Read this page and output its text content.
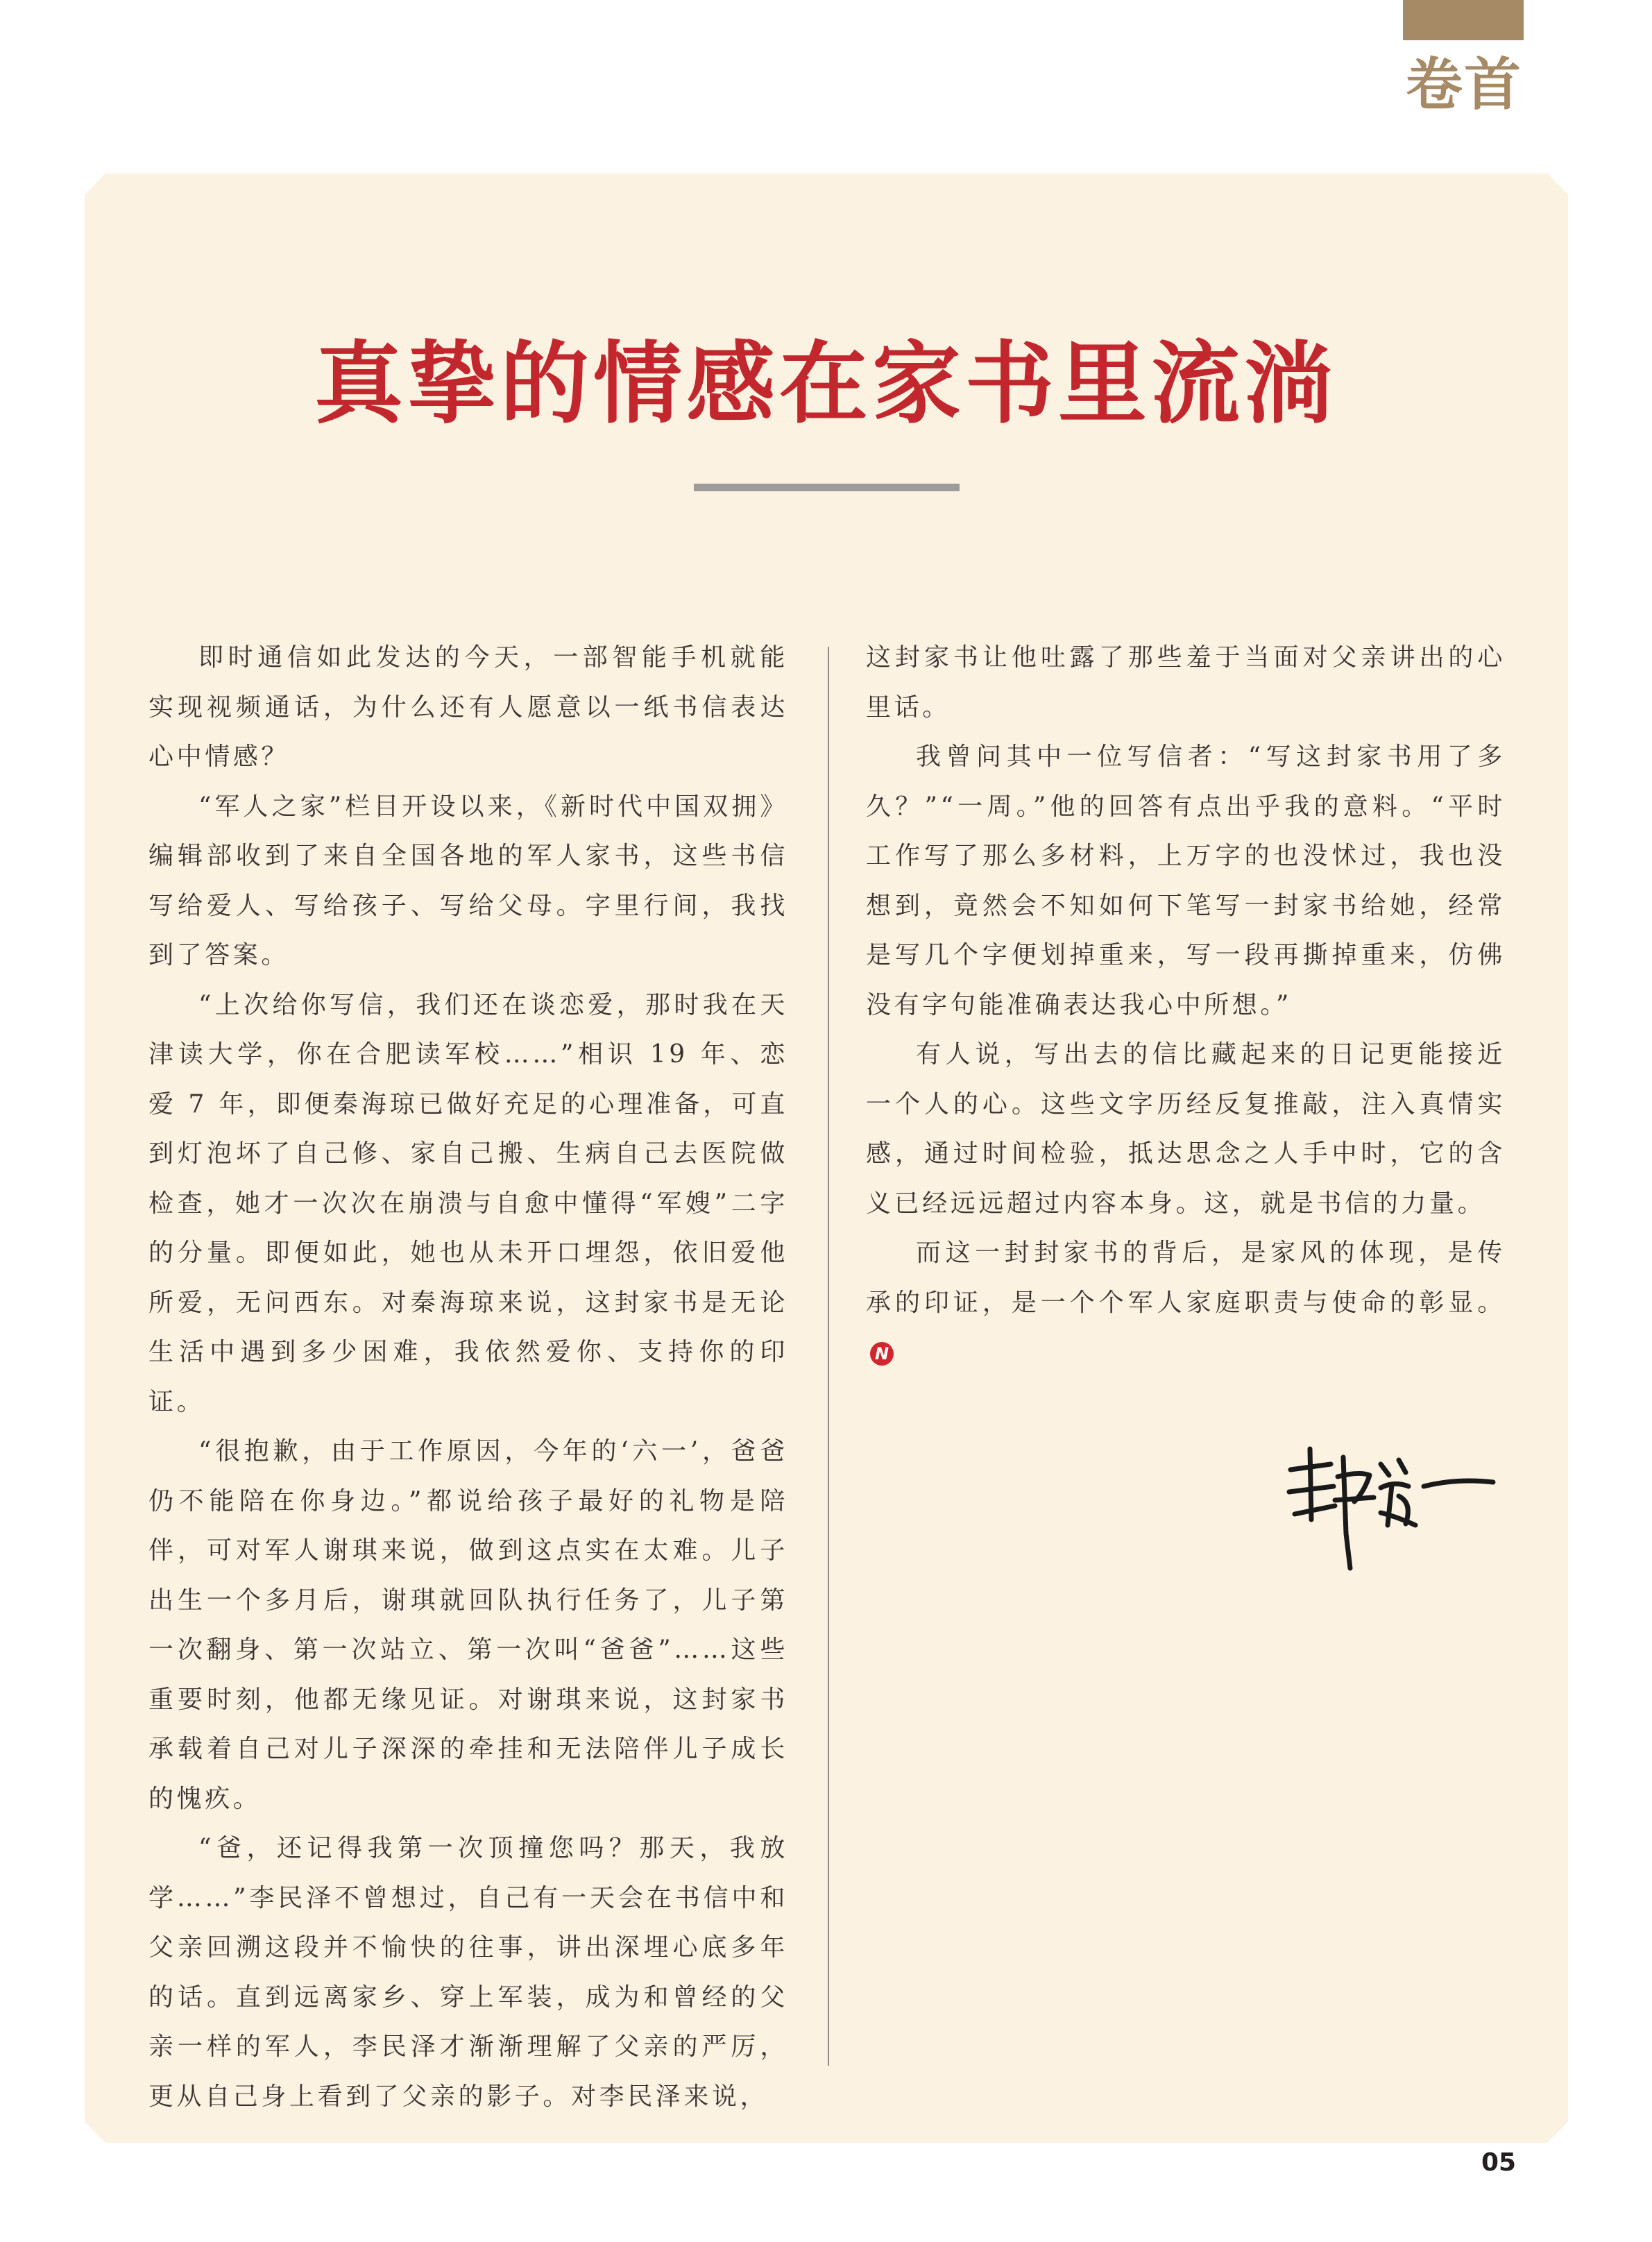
卷首
真挚的情感在家书里流淌

即时通信如此发达的今天，一部智能手机就能实现视频通话，为什么还有人愿意以一纸书信表达心中情感？

“军人之家”栏目开设以来，《新时代中国双拥》编辑部收到了来自全国各地的军人家书，这些书信写给爱人、写给孩子、写给父母。字里行间，我找到了答案。

“上次给你写信，我们还在谈恋爱，那时我在天津读大学，你在合肥读军校……”相识 19 年、恋爱 7 年，即便秦海琼已做好充足的心理准备，可直到灯泡坏了自己修、家自己搬、生病自己去医院做检查，她才一次次在崩溃与自愈中懂得“军嫂”二字的分量。即便如此，她也从未开口埋怨，依旧爱他所爱，无问西东。对秦海琼来说，这封家书是无论生活中遇到多少困难，我依然爱你、支持你的印证。

“很抱歉，由于工作原因，今年的‘六一’，爸爸仍不能陪在你身边。”都说给孩子最好的礼物是陪伴，可对军人谢琪来说，做到这点实在太难。儿子出生一个多月后，谢琪就回队执行任务了，儿子第一次翻身、第一次站立、第一次叫“爸爸”……这些重要时刻，他都无缘见证。对谢琪来说，这封家书承载着自己对儿子深深的牵挂和无法陪伴儿子成长的愧疚。

“爸，还记得我第一次顶撞您吗？那天，我放学……”李民泽不曾想过，自己有一天会在书信中和父亲回溯这段并不愉快的往事，讲出深埋心底多年的话。直到远离家乡、穿上军装，成为和曾经的父亲一样的军人，李民泽才渐渐理解了父亲的严厉，更从自己身上看到了父亲的影子。对李民泽来说，

这封家书让他吐露了那些羞于当面对父亲讲出的心里话。

我曾问其中一位写信者：“写这封家书用了多久？”“一周。”他的回答有点出乎我的意料。“平时工作写了那么多材料，上万字的也没怵过，我也没想到，竟然会不知如何下笔写一封家书给她，经常是写几个字便划掉重来，写一段再撕掉重来，仿佛没有字句能准确表达我心中所想。”

有人说，写出去的信比藏起来的日记更能接近一个人的心。这些文字历经反复推敲，注入真情实感，通过时间检验，抵达思念之人手中时，它的含义已经远远超过内容本身。这，就是书信的力量。

而这一封封家书的背后，是家风的体现，是传承的印证，是一个个军人家庭职责与使命的彰显。N

05
